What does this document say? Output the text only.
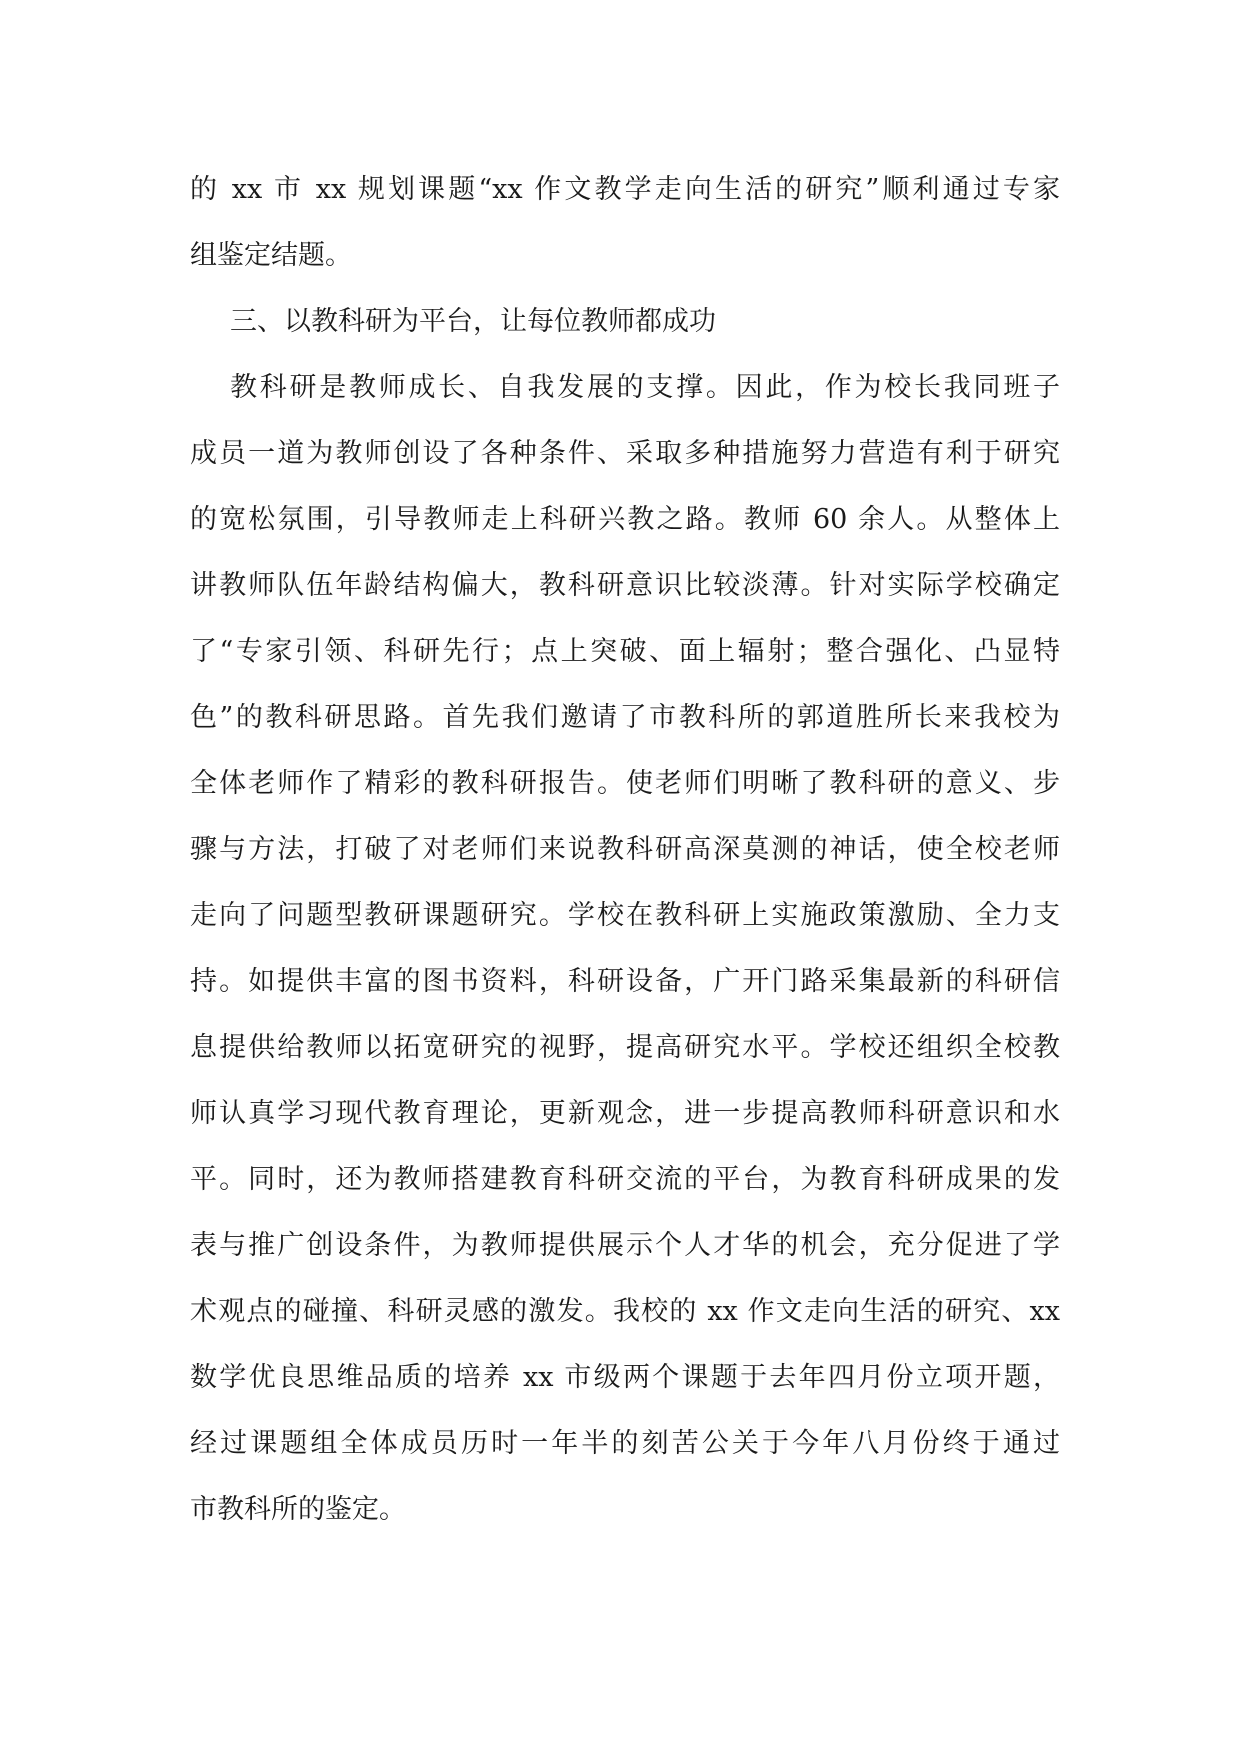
的 xx 市 xx 规划课题“xx 作文教学走向生活的研究”顺利通过专家
组鉴定结题。
三、以教科研为平台，让每位教师都成功
教科研是教师成长、自我发展的支撑。因此，作为校长我同班子
成员一道为教师创设了各种条件、采取多种措施努力营造有利于研究
的宽松氛围，引导教师走上科研兴教之路。教师 60 余人。从整体上
讲教师队伍年龄结构偏大，教科研意识比较淡薄。针对实际学校确定
了“专家引领、科研先行；点上突破、面上辐射；整合强化、凸显特
色”的教科研思路。首先我们邀请了市教科所的郭道胜所长来我校为
全体老师作了精彩的教科研报告。使老师们明晰了教科研的意义、步
骤与方法，打破了对老师们来说教科研高深莫测的神话，使全校老师
走向了问题型教研课题研究。学校在教科研上实施政策激励、全力支
持。如提供丰富的图书资料，科研设备，广开门路采集最新的科研信
息提供给教师以拓宽研究的视野，提高研究水平。学校还组织全校教
师认真学习现代教育理论，更新观念，进一步提高教师科研意识和水
平。同时，还为教师搭建教育科研交流的平台，为教育科研成果的发
表与推广创设条件，为教师提供展示个人才华的机会，充分促进了学
术观点的碰撞、科研灵感的激发。我校的 xx 作文走向生活的研究、xx
数学优良思维品质的培养 xx 市级两个课题于去年四月份立项开题，
经过课题组全体成员历时一年半的刻苦公关于今年八月份终于通过
市教科所的鉴定。
